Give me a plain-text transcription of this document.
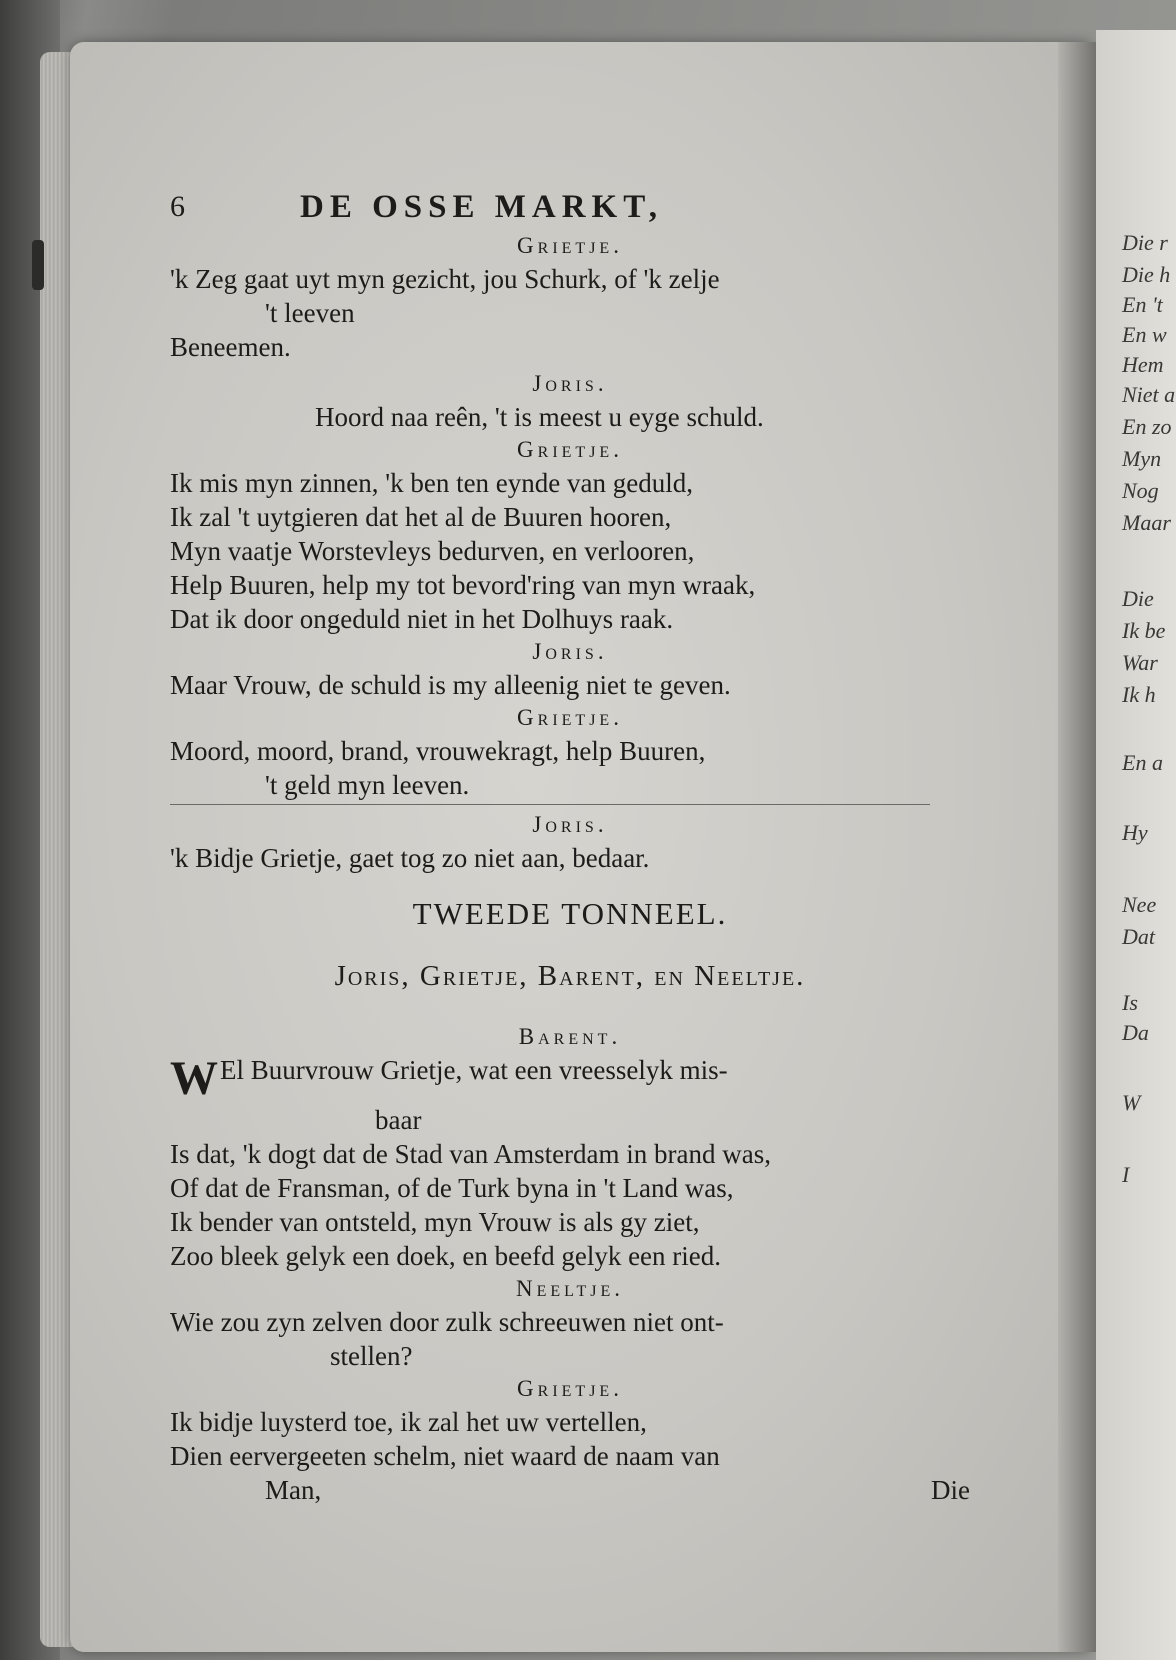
Die r
Die h
En 't
En w
Hem
Niet a
En zo
Myn
Nog
Maar
Die
Ik be
War
Ik h
En a
Hy
Nee
Dat
Is
Da
W
I
6	DE OSSE MARKT,
Grietje.
'k Zeg gaat uyt myn gezicht, jou Schurk, of 'k zelje
't leeven
Beneemen.
Joris.
Hoord naa reên, 't is meest u eyge schuld.
Grietje.
Ik mis myn zinnen, 'k ben ten eynde van geduld,
Ik zal 't uytgieren dat het al de Buuren hooren,
Myn vaatje Worstevleys bedurven, en verlooren,
Help Buuren, help my tot bevord'ring van myn wraak,
Dat ik door ongeduld niet in het Dolhuys raak.
Joris.
Maar Vrouw, de schuld is my alleenig niet te geven.
Grietje.
Moord, moord, brand, vrouwekragt, help Buuren,
't geld myn leeven.
Joris.
'k Bidje Grietje, gaet tog zo niet aan, bedaar.
TWEEDE TONNEEL.
Joris, Grietje, Barent, en Neeltje.
Barent.
W El Buurvrouw Grietje, wat een vreesselyk mis-
baar
Is dat, 'k dogt dat de Stad van Amsterdam in brand was,
Of dat de Fransman, of de Turk byna in 't Land was,
Ik bender van ontsteld, myn Vrouw is als gy ziet,
Zoo bleek gelyk een doek, en beefd gelyk een ried.
Neeltje.
Wie zou zyn zelven door zulk schreeuwen niet ont-
stellen?
Grietje.
Ik bidje luysterd toe, ik zal het uw vertellen,
Dien eervergeeten schelm, niet waard de naam van
Man,	Die
